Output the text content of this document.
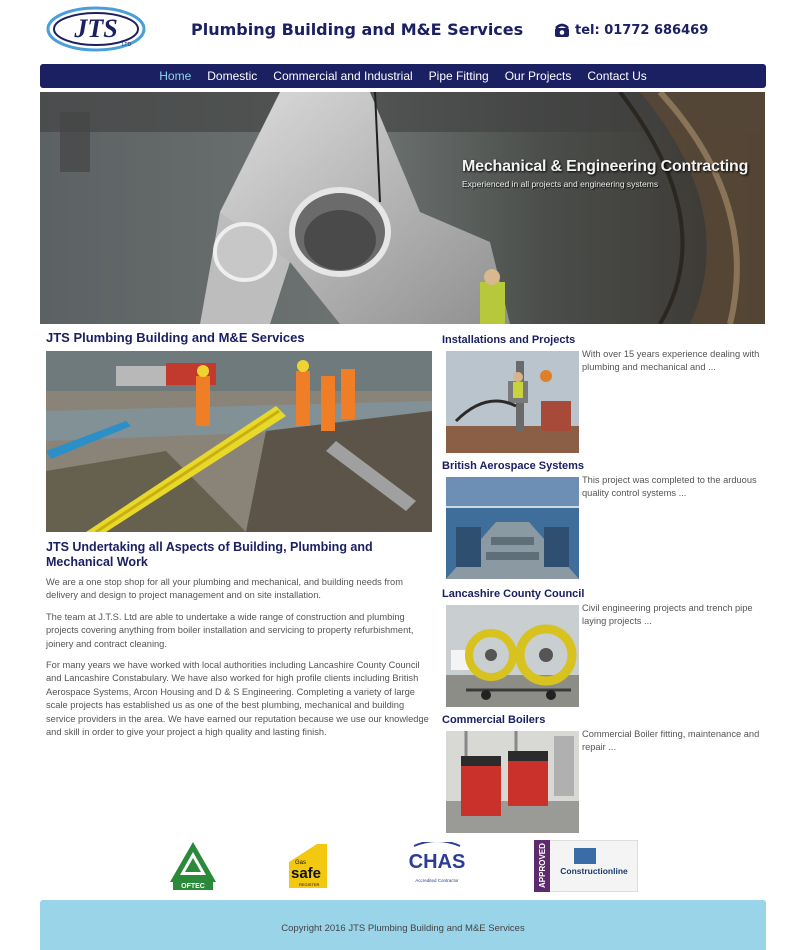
JTS
LTD
Plumbing Building and M&E Services	tel: 01772 686469
Home	Domestic	Commercial and Industrial	Pipe Fitting	Our Projects	Contact Us
Mechanical & Engineering Contracting
Experienced in all projects and engineering systems
JTS Plumbing Building and M&E Services
JTS Undertaking all Aspects of Building, Plumbing and Mechanical Work

We are a one stop shop for all your plumbing and mechanical, and building needs from delivery and design to project management and on site installation.

The team at J.T.S. Ltd are able to undertake a wide range of construction and plumbing projects covering anything from boiler installation and servicing to property refurbishment, joinery and contract cleaning.

For many years we have worked with local authorities including Lancashire County Council and Lancashire Constabulary. We have also worked for high profile clients including British Aerospace Systems, Arcon Housing and D & S Engineering. Completing a variety of large scale projects has established us as one of the best plumbing, mechanical and building service providers in the area. We have earned our reputation because we use our knowledge and skill in order to give your project a high quality and lasting finish.

Installations and Projects
With over 15 years experience dealing with plumbing and mechanical and ...
British Aerospace Systems
This project was completed to the arduous quality control systems ...
Lancashire County Council
Civil engineering projects and trench pipe laying projects ...
Commercial Boilers
Commercial Boiler fitting, maintenance and repair ...
OFTEC
Gas
safe
REGISTER
CHAS
Accredited Contractor	APPROVED Constructionline
Copyright 2016 JTS Plumbing Building and M&E Services
